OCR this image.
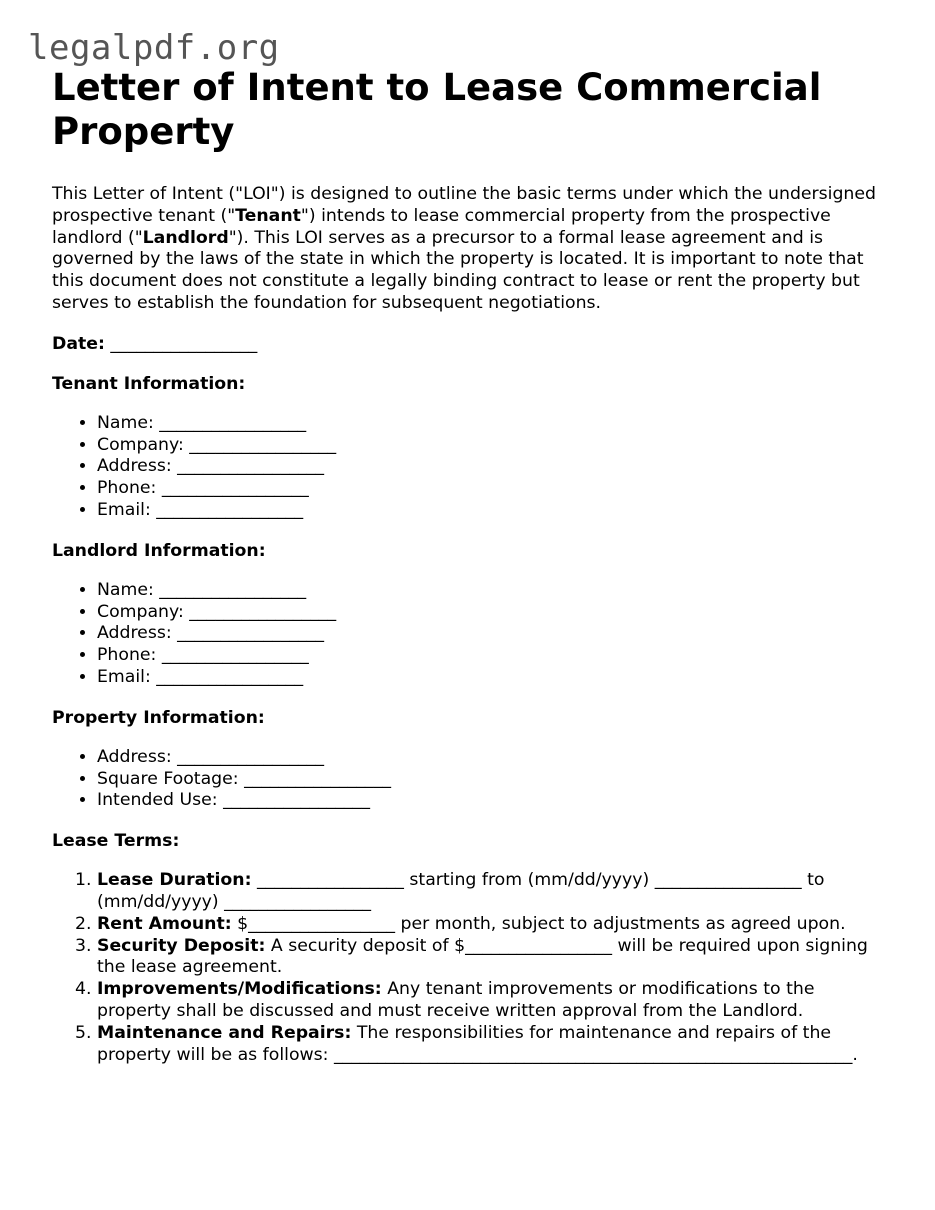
legalpdf.org
Letter of Intent to Lease Commercial Property

This Letter of Intent ("LOI") is designed to outline the basic terms under which the undersigned prospective tenant ("Tenant") intends to lease commercial property from the prospective landlord ("Landlord"). This LOI serves as a precursor to a formal lease agreement and is governed by the laws of the state in which the property is located. It is important to note that this document does not constitute a legally binding contract to lease or rent the property but serves to establish the foundation for subsequent negotiations.

Date: _________________
Tenant Information:
• Name: _________________
• Company: _________________
• Address: _________________
• Phone: _________________
• Email: _________________
Landlord Information:
• Name: _________________
• Company: _________________
• Address: _________________
• Phone: _________________
• Email: _________________
Property Information:
• Address: _________________
• Square Footage: _________________
• Intended Use: _________________
Lease Terms:
1. Lease Duration: _________________ starting from (mm/dd/yyyy) _________________ to (mm/dd/yyyy) _________________
2. Rent Amount: $_________________ per month, subject to adjustments as agreed upon.
3. Security Deposit: A security deposit of $_________________ will be required upon signing the lease agreement.
4. Improvements/Modifications: Any tenant improvements or modifications to the property shall be discussed and must receive written approval from the Landlord.
5. Maintenance and Repairs: The responsibilities for maintenance and repairs of the property will be as follows: ____________________________________________________________.
